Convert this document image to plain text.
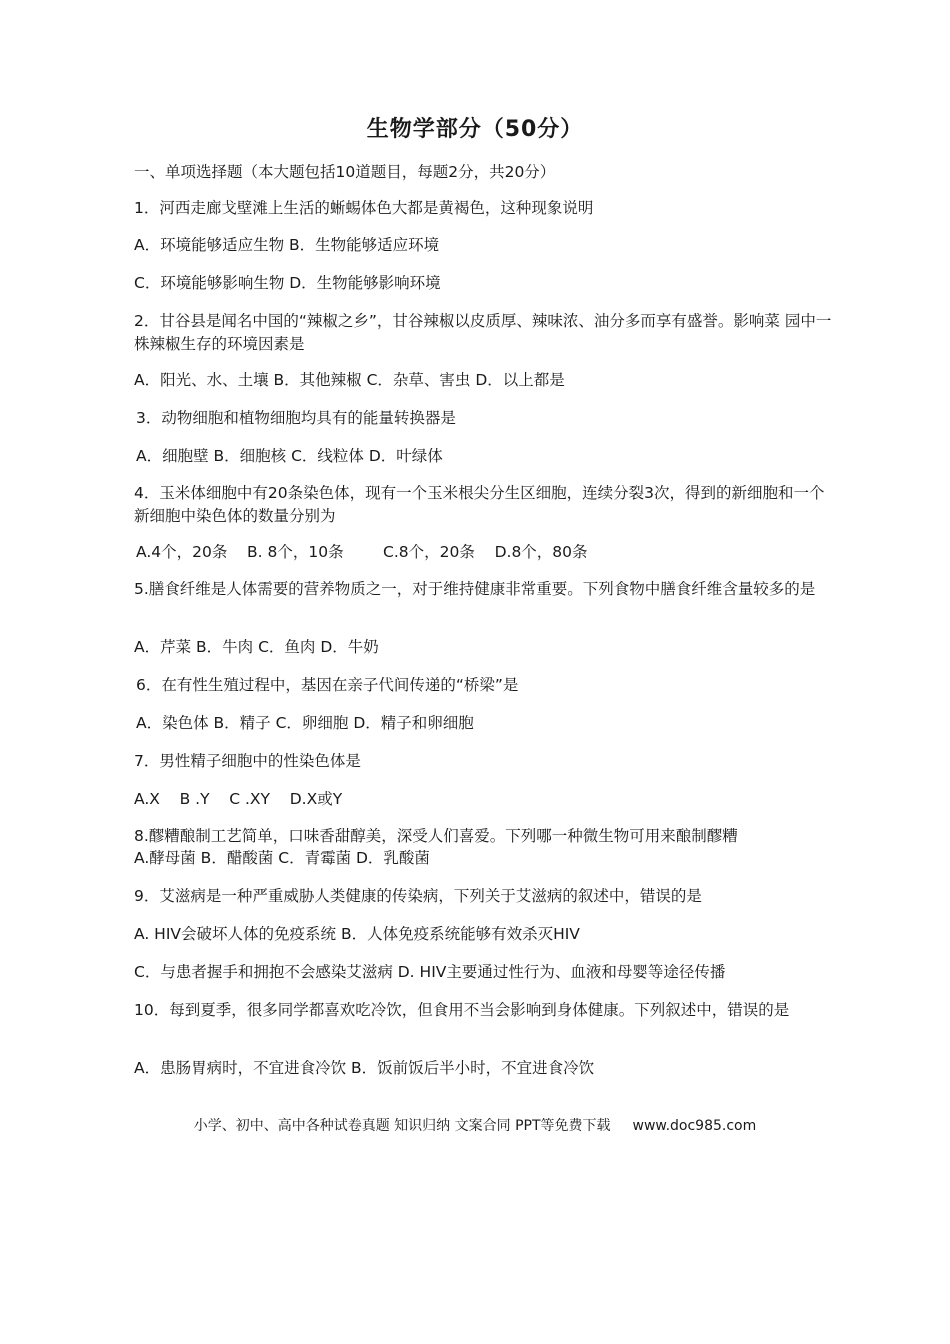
生物学部分（50分）
一、单项选择题（本大题包括10道题目，每题2分，共20分）
1．河西走廊戈壁滩上生活的蜥蜴体色大都是黄褐色，这种现象说明
A．环境能够适应生物 B．生物能够适应环境
C．环境能够影响生物 D．生物能够影响环境
2．甘谷县是闻名中国的“辣椒之乡”，甘谷辣椒以皮质厚、辣味浓、油分多而享有盛誉。影响菜 园中一株辣椒生存的环境因素是
A．阳光、水、土壤 B．其他辣椒 C．杂草、害虫 D．以上都是
3．动物细胞和植物细胞均具有的能量转换器是
A．细胞壁 B．细胞核 C．线粒体 D．叶绿体
4．玉米体细胞中有20条染色体，现有一个玉米根尖分生区细胞，连续分裂3次，得到的新细胞和一个新细胞中染色体的数量分别为
A.4个，20条    B. 8个，10条        C.8个，20条    D.8个，80条
5.膳食纤维是人体需要的营养物质之一，对于维持健康非常重要。下列食物中膳食纤维含量较多的是
A．芹菜 B．牛肉 C．鱼肉 D．牛奶
6．在有性生殖过程中，基因在亲子代间传递的“桥梁”是
A．染色体 B．精子 C．卵细胞 D．精子和卵细胞
7．男性精子细胞中的性染色体是
A.X    B .Y    C .XY    D.X或Y
8.醪糟酿制工艺简单，口味香甜醇美，深受人们喜爱。下列哪一种微生物可用来酿制醪糟
A.酵母菌 B．醋酸菌 C．青霉菌 D．乳酸菌
9．艾滋病是一种严重威胁人类健康的传染病，下列关于艾滋病的叙述中，错误的是
A. HIV会破坏人体的免疫系统 B．人体免疫系统能够有效杀灭HIV
C．与患者握手和拥抱不会感染艾滋病 D. HIV主要通过性行为、血液和母婴等途径传播
10．每到夏季，很多同学都喜欢吃冷饮，但食用不当会影响到身体健康。下列叙述中，错误的是
A．患肠胃病时，不宜进食冷饮 B．饭前饭后半小时，不宜进食冷饮
小学、初中、高中各种试卷真题 知识归纳 文案合同 PPT等免费下载 www.doc985.com
